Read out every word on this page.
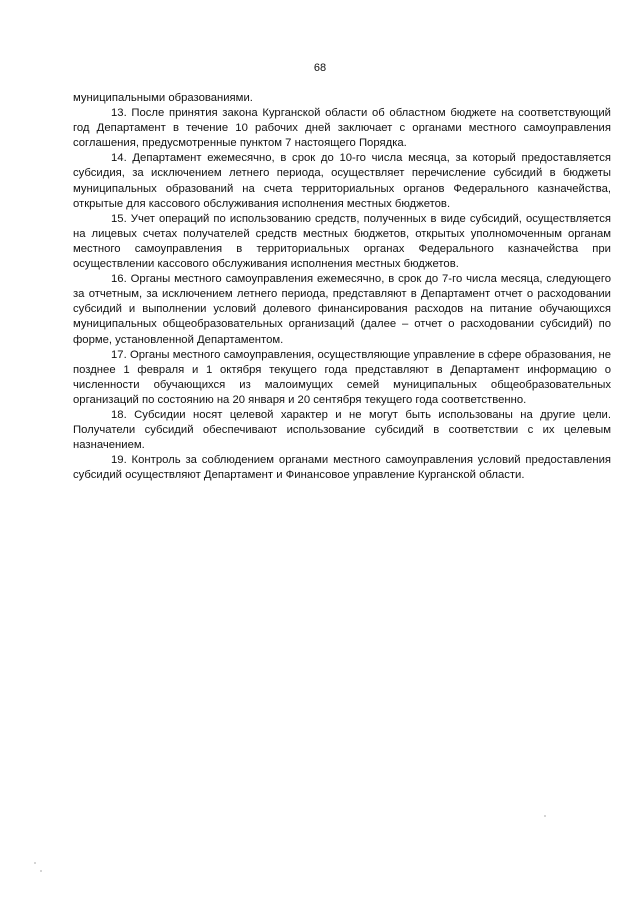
68

муниципальными образованиями.

13. После принятия закона Курганской области об областном бюджете на соответствующий год Департамент в течение 10 рабочих дней заключает с органами местного самоуправления соглашения, предусмотренные пунктом 7 настоящего Порядка.

14. Департамент ежемесячно, в срок до 10-го числа месяца, за который предоставляется субсидия, за исключением летнего периода, осуществляет перечисление субсидий в бюджеты муниципальных образований на счета территориальных органов Федерального казначейства, открытые для кассового обслуживания исполнения местных бюджетов.

15. Учет операций по использованию средств, полученных в виде субсидий, осуществляется на лицевых счетах получателей средств местных бюджетов, открытых уполномоченным органам местного самоуправления в территориальных органах Федерального казначейства при осуществлении кассового обслуживания исполнения местных бюджетов.

16. Органы местного самоуправления ежемесячно, в срок до 7-го числа месяца, следующего за отчетным, за исключением летнего периода, представляют в Департамент отчет о расходовании субсидий и выполнении условий долевого финансирования расходов на питание обучающихся муниципальных общеобразовательных организаций (далее – отчет о расходовании субсидий) по форме, установленной Департаментом.

17. Органы местного самоуправления, осуществляющие управление в сфере образования, не позднее 1 февраля и 1 октября текущего года представляют в Департамент информацию о численности обучающихся из малоимущих семей муниципальных общеобразовательных организаций по состоянию на 20 января и 20 сентября текущего года соответственно.

18. Субсидии носят целевой характер и не могут быть использованы на другие цели. Получатели субсидий обеспечивают использование субсидий в соответствии с их целевым назначением.

19. Контроль за соблюдением органами местного самоуправления условий предоставления субсидий осуществляют Департамент и Финансовое управление Курганской области.
